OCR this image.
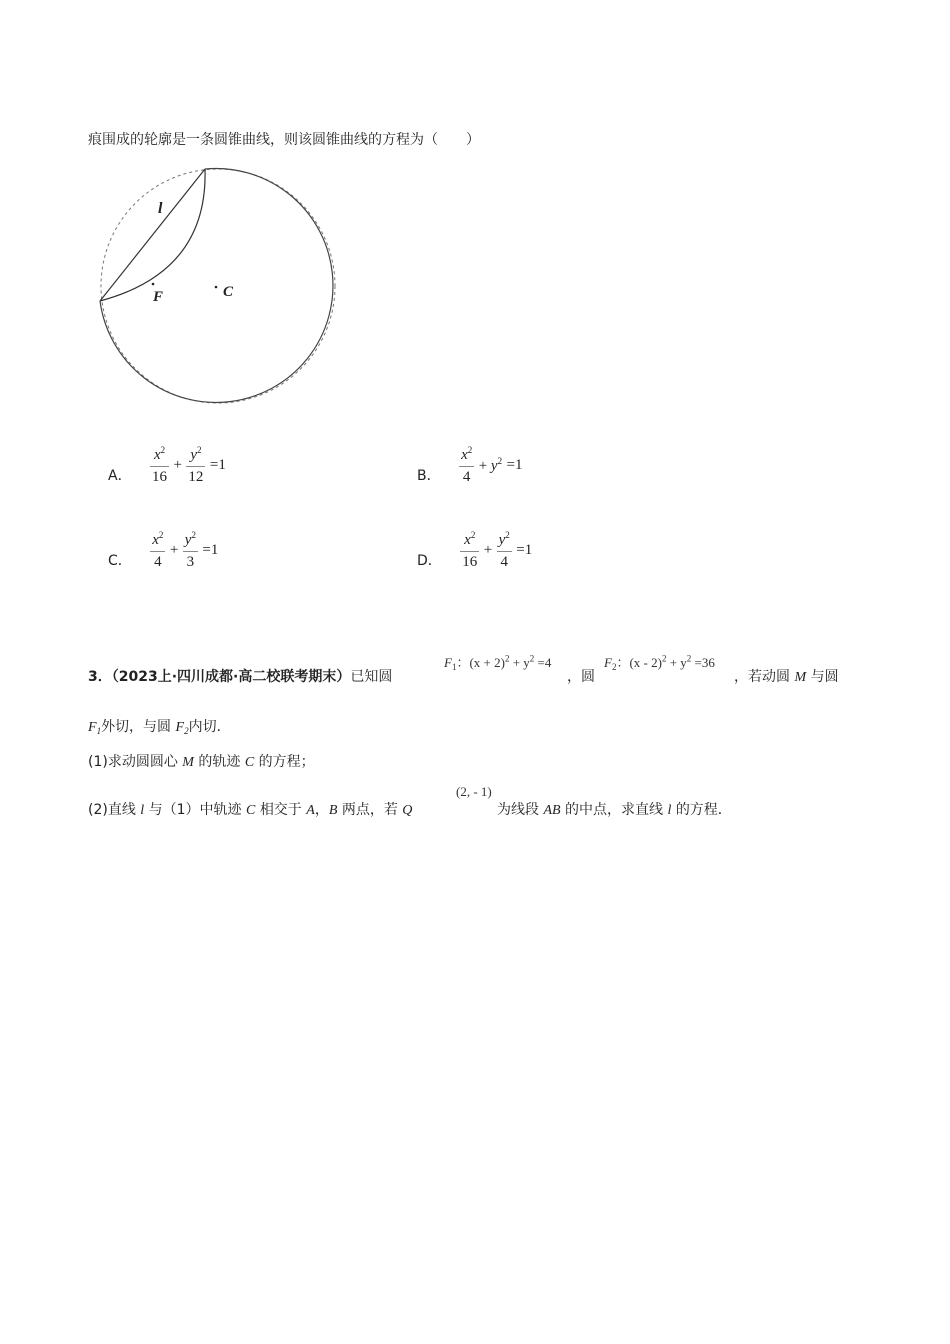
痕围成的轮廓是一条圆锥曲线，则该圆锥曲线的方程为（　　）
l
F	C
A． $\frac{x^2}{16} + \frac{y^2}{12} =1$
B． $\frac{x^2}{4} + y^2 =1$
C． $\frac{x^2}{4} + \frac{y^2}{3} =1$
D． $\frac{x^2}{16} + \frac{y^2}{4} =1$
3．（2023上·四川成都·高二校联考期末）已知圆
$F_1$：$(x + 2)^2 + y^2 =4$
，圆
$F_2$：$(x - 2)^2 + y^2 =36$
，若动圆 M 与圆
$F_1$外切，与圆 $F_2$内切．
(1)求动圆圆心 M 的轨迹 C 的方程；
(2)直线 l 与（1）中轨迹 C 相交于 A，B 两点，若 Q
(2, - 1)
为线段 AB 的中点，求直线 l 的方程．
